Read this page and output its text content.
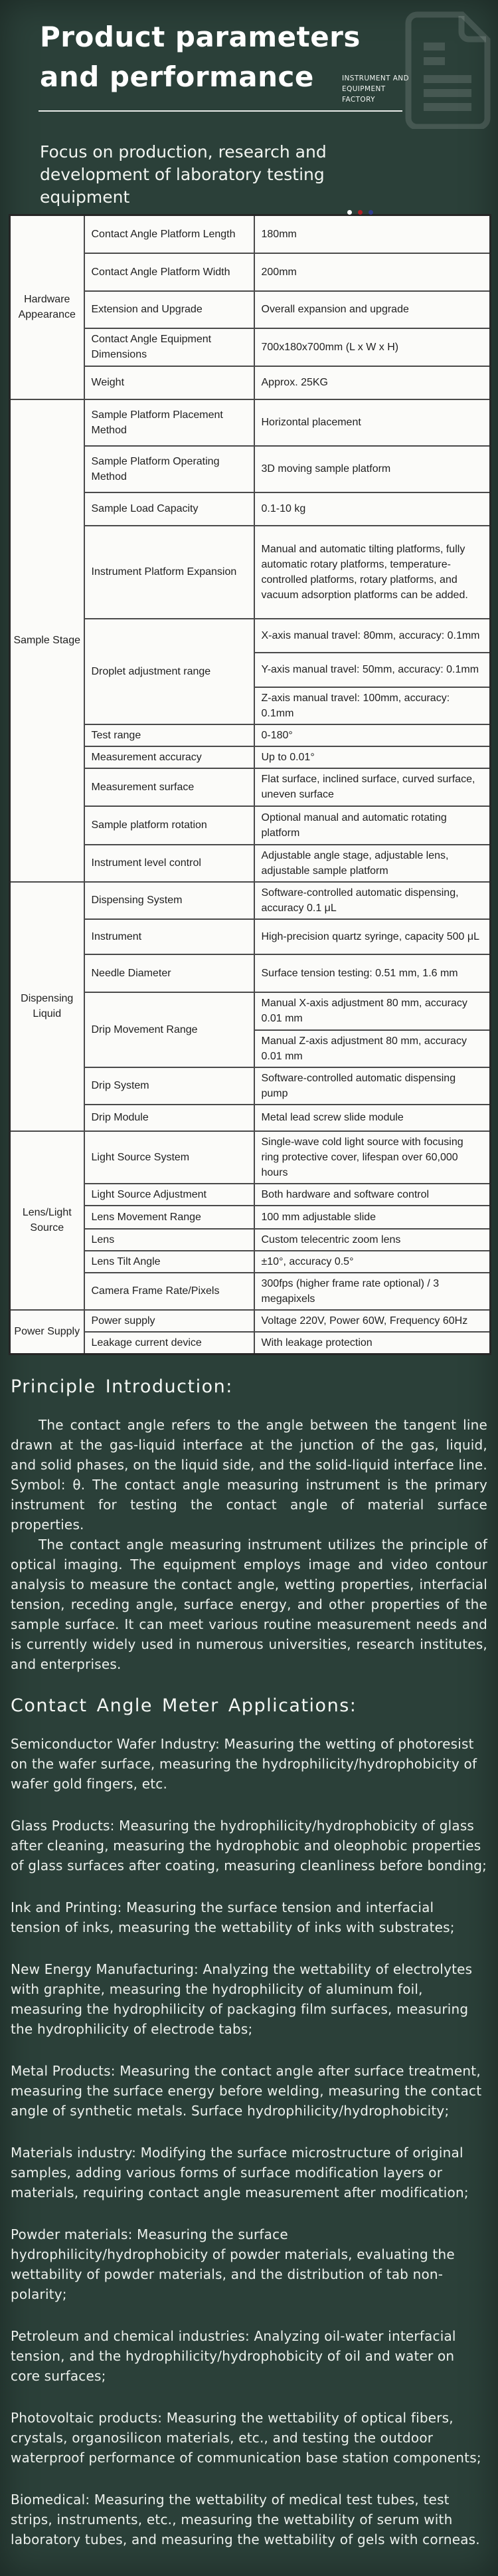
Product parameters
and performance	INSTRUMENT AND
EQUIPMENT
FACTORY
Focus on production, research and
development of laboratory testing
equipment
Hardware Appearance	Contact Angle Platform Length	180mm
	Contact Angle Platform Width	200mm
	Extension and Upgrade	Overall expansion and upgrade
	Contact Angle Equipment Dimensions	700x180x700mm (L x W x H)
	Weight	Approx. 25KG
Sample Stage	Sample Platform Placement Method	Horizontal placement
	Sample Platform Operating Method	3D moving sample platform
	Sample Load Capacity	0.1-10 kg
	Instrument Platform Expansion	Manual and automatic tilting platforms, fully automatic rotary platforms, temperature-controlled platforms, rotary platforms, and vacuum adsorption platforms can be added.
	Droplet adjustment range	X-axis manual travel: 80mm, accuracy: 0.1mm
		Y-axis manual travel: 50mm, accuracy: 0.1mm
		Z-axis manual travel: 100mm, accuracy: 0.1mm
	Test range	0-180°
	Measurement accuracy	Up to 0.01°
	Measurement surface	Flat surface, inclined surface, curved surface, uneven surface
	Sample platform rotation	Optional manual and automatic rotating platform
	Instrument level control	Adjustable angle stage, adjustable lens, adjustable sample platform
Dispensing Liquid	Dispensing System	Software-controlled automatic dispensing, accuracy 0.1 μL
	Instrument	High-precision quartz syringe, capacity 500 μL
	Needle Diameter	Surface tension testing: 0.51 mm, 1.6 mm
	Drip Movement Range	Manual X-axis adjustment 80 mm, accuracy 0.01 mm
		Manual Z-axis adjustment 80 mm, accuracy 0.01 mm
	Drip System	Software-controlled automatic dispensing pump
	Drip Module	Metal lead screw slide module
Lens/Light Source	Light Source System	Single-wave cold light source with focusing ring protective cover, lifespan over 60,000 hours
	Light Source Adjustment	Both hardware and software control
	Lens Movement Range	100 mm adjustable slide
	Lens	Custom telecentric zoom lens
	Lens Tilt Angle	±10°, accuracy 0.5°
	Camera Frame Rate/Pixels	300fps (higher frame rate optional) / 3 megapixels
Power Supply	Power supply	Voltage 220V, Power 60W, Frequency 60Hz
	Leakage current device	With leakage protection
Principle Introduction:

The contact angle refers to the angle between the tangent line drawn at the gas-liquid interface at the junction of the gas, liquid, and solid phases, on the liquid side, and the solid-liquid interface line. Symbol: θ. The contact angle measuring instrument is the primary instrument for testing the contact angle of material surface properties.

The contact angle measuring instrument utilizes the principle of optical imaging. The equipment employs image and video contour analysis to measure the contact angle, wetting properties, interfacial tension, receding angle, surface energy, and other properties of the sample surface. It can meet various routine measurement needs and is currently widely used in numerous universities, research institutes, and enterprises.

Contact Angle Meter Applications:

Semiconductor Wafer Industry: Measuring the wetting of photoresist on the wafer surface, measuring the hydrophilicity/hydrophobicity of wafer gold fingers, etc.

Glass Products: Measuring the hydrophilicity/hydrophobicity of glass after cleaning, measuring the hydrophobic and oleophobic properties of glass surfaces after coating, measuring cleanliness before bonding;

Ink and Printing: Measuring the surface tension and interfacial tension of inks, measuring the wettability of inks with substrates;

New Energy Manufacturing: Analyzing the wettability of electrolytes with graphite, measuring the hydrophilicity of aluminum foil, measuring the hydrophilicity of packaging film surfaces, measuring the hydrophilicity of electrode tabs;

Metal Products: Measuring the contact angle after surface treatment, measuring the surface energy before welding, measuring the contact angle of synthetic metals. Surface hydrophilicity/hydrophobicity;

Materials industry: Modifying the surface microstructure of original samples, adding various forms of surface modification layers or materials, requiring contact angle measurement after modification;

Powder materials: Measuring the surface hydrophilicity/hydrophobicity of powder materials, evaluating the wettability of powder materials, and the distribution of tab non-polarity;

Petroleum and chemical industries: Analyzing oil-water interfacial tension, and the hydrophilicity/hydrophobicity of oil and water on core surfaces;

Photovoltaic products: Measuring the wettability of optical fibers, crystals, organosilicon materials, etc., and testing the outdoor waterproof performance of communication base station components;

Biomedical: Measuring the wettability of medical test tubes, test strips, instruments, etc., measuring the wettability of serum with laboratory tubes, and measuring the wettability of gels with corneas.
